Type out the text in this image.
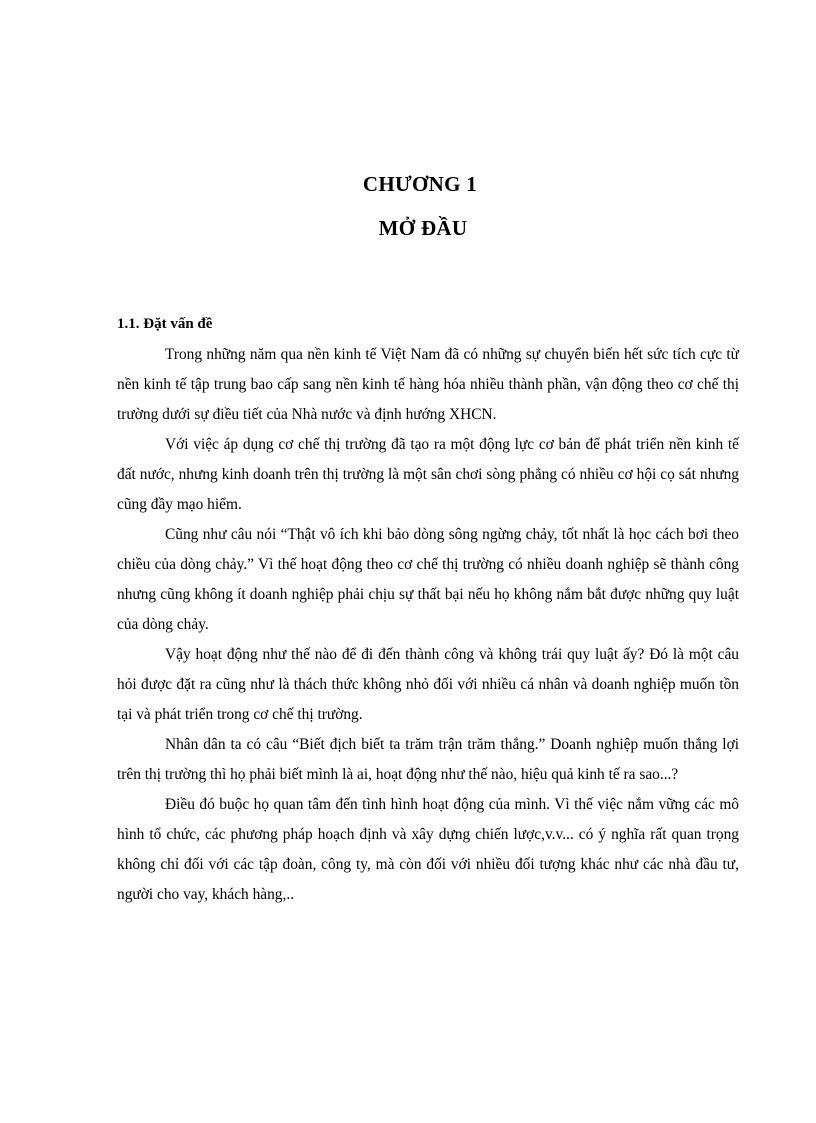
CHƯƠNG 1
MỞ ĐẦU
1.1. Đặt vấn đề

Trong những năm qua nền kinh tế Việt Nam đã có những sự chuyển biến hết sức tích cực từ nền kinh tế tập trung bao cấp sang nền kinh tế hàng hóa nhiều thành phần, vận động theo cơ chế thị trường dưới sự điều tiết của Nhà nước và định hướng XHCN.

Với việc áp dụng cơ chế thị trường đã tạo ra một động lực cơ bản để phát triển nền kinh tế đất nước, nhưng kinh doanh trên thị trường là một sân chơi sòng phẳng có nhiều cơ hội cọ sát nhưng cũng đầy mạo hiểm.

Cũng như câu nói “Thật vô ích khi bảo dòng sông ngừng chảy, tốt nhất là học cách bơi theo chiều của dòng chảy.” Vì thế hoạt động theo cơ chế thị trường có nhiều doanh nghiệp sẽ thành công nhưng cũng không ít doanh nghiệp phải chịu sự thất bại nếu họ không nắm bắt được những quy luật của dòng chảy.

Vậy hoạt động như thế nào để đi đến thành công và không trái quy luật ấy? Đó là một câu hỏi được đặt ra cũng như là thách thức không nhỏ đối với nhiều cá nhân và doanh nghiệp muốn tồn tại và phát triển trong cơ chế thị trường.

Nhân dân ta có câu “Biết địch biết ta trăm trận trăm thắng.” Doanh nghiệp muốn thắng lợi trên thị trường thì họ phải biết mình là ai, hoạt động như thế nào, hiệu quả kinh tế ra sao...?

Điều đó buộc họ quan tâm đến tình hình hoạt động của mình. Vì thế việc nắm vững các mô hình tổ chức, các phương pháp hoạch định và xây dựng chiến lược,v.v... có ý nghĩa rất quan trọng không chỉ đối với các tập đoàn, công ty, mà còn đối với nhiều đối tượng khác như các nhà đầu tư, người cho vay, khách hàng,..
